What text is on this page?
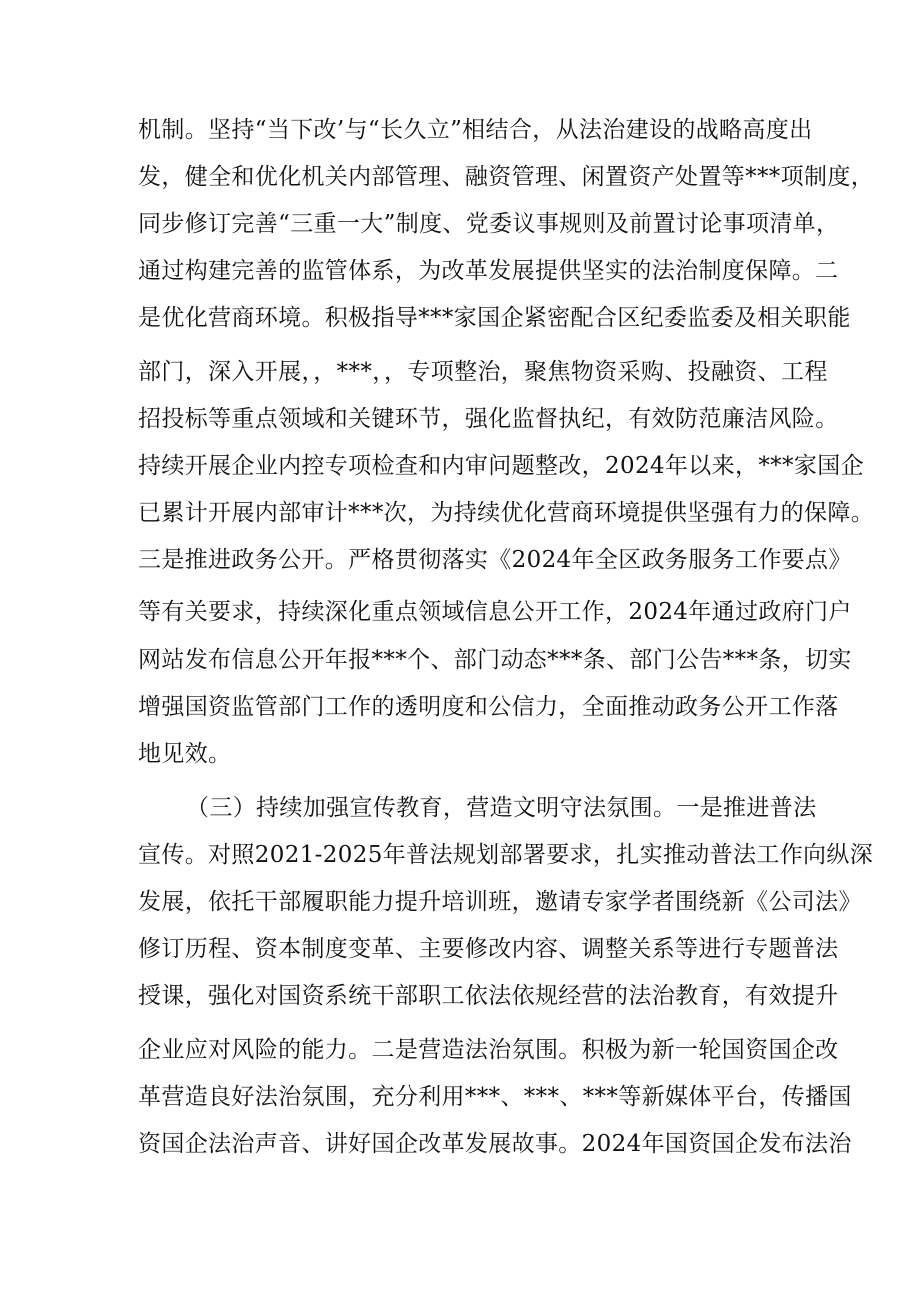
机制。坚持“当下改’与“长久立”相结合，从法治建设的战略高度出
发，健全和优化机关内部管理、融资管理、闲置资产处置等***项制度，
同步修订完善“三重一大”制度、党委议事规则及前置讨论事项清单，
通过构建完善的监管体系，为改革发展提供坚实的法治制度保障。二
是优化营商环境。积极指导***家国企紧密配合区纪委监委及相关职能
部门，深入开展，，***，，专项整治，聚焦物资采购、投融资、工程
招投标等重点领域和关键环节，强化监督执纪，有效防范廉洁风险。
持续开展企业内控专项检查和内审问题整改，2024年以来，***家国企
已累计开展内部审计***次，为持续优化营商环境提供坚强有力的保障。
三是推进政务公开。严格贯彻落实《2024年全区政务服务工作要点》
等有关要求，持续深化重点领域信息公开工作，2024年通过政府门户
网站发布信息公开年报***个、部门动态***条、部门公告***条，切实
增强国资监管部门工作的透明度和公信力，全面推动政务公开工作落
地见效。
（三）持续加强宣传教育，营造文明守法氛围。一是推进普法
宣传。对照2021-2025年普法规划部署要求，扎实推动普法工作向纵深
发展，依托干部履职能力提升培训班，邀请专家学者围绕新《公司法》
修订历程、资本制度变革、主要修改内容、调整关系等进行专题普法
授课，强化对国资系统干部职工依法依规经营的法治教育，有效提升
企业应对风险的能力。二是营造法治氛围。积极为新一轮国资国企改
革营造良好法治氛围，充分利用***、***、***等新媒体平台，传播国
资国企法治声音、讲好国企改革发展故事。2024年国资国企发布法治
